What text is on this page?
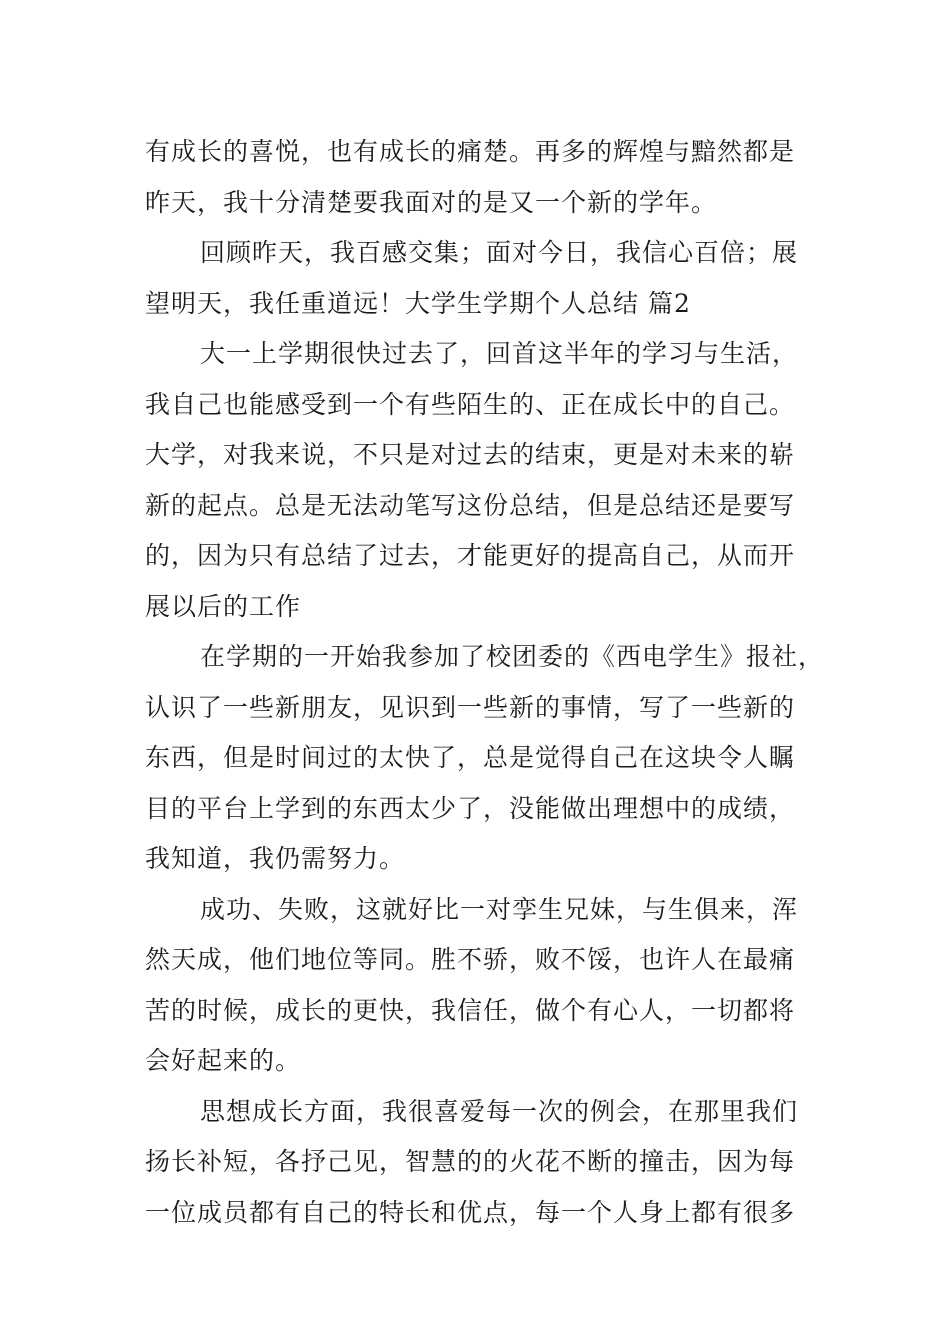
有成长的喜悦，也有成长的痛楚。再多的辉煌与黯然都是
昨天，我十分清楚要我面对的是又一个新的学年。
回顾昨天，我百感交集；面对今日，我信心百倍；展
望明天，我任重道远！大学生学期个人总结 篇2
大一上学期很快过去了，回首这半年的学习与生活，
我自己也能感受到一个有些陌生的、正在成长中的自己。
大学，对我来说，不只是对过去的结束，更是对未来的崭
新的起点。总是无法动笔写这份总结，但是总结还是要写
的，因为只有总结了过去，才能更好的提高自己，从而开
展以后的工作
在学期的一开始我参加了校团委的《西电学生》报社，
认识了一些新朋友，见识到一些新的事情，写了一些新的
东西，但是时间过的太快了，总是觉得自己在这块令人瞩
目的平台上学到的东西太少了，没能做出理想中的成绩，
我知道，我仍需努力。
成功、失败，这就好比一对孪生兄妹，与生俱来，浑
然天成，他们地位等同。胜不骄，败不馁，也许人在最痛
苦的时候，成长的更快，我信任，做个有心人，一切都将
会好起来的。
思想成长方面，我很喜爱每一次的例会，在那里我们
扬长补短，各抒己见，智慧的的火花不断的撞击，因为每
一位成员都有自己的特长和优点，每一个人身上都有很多
